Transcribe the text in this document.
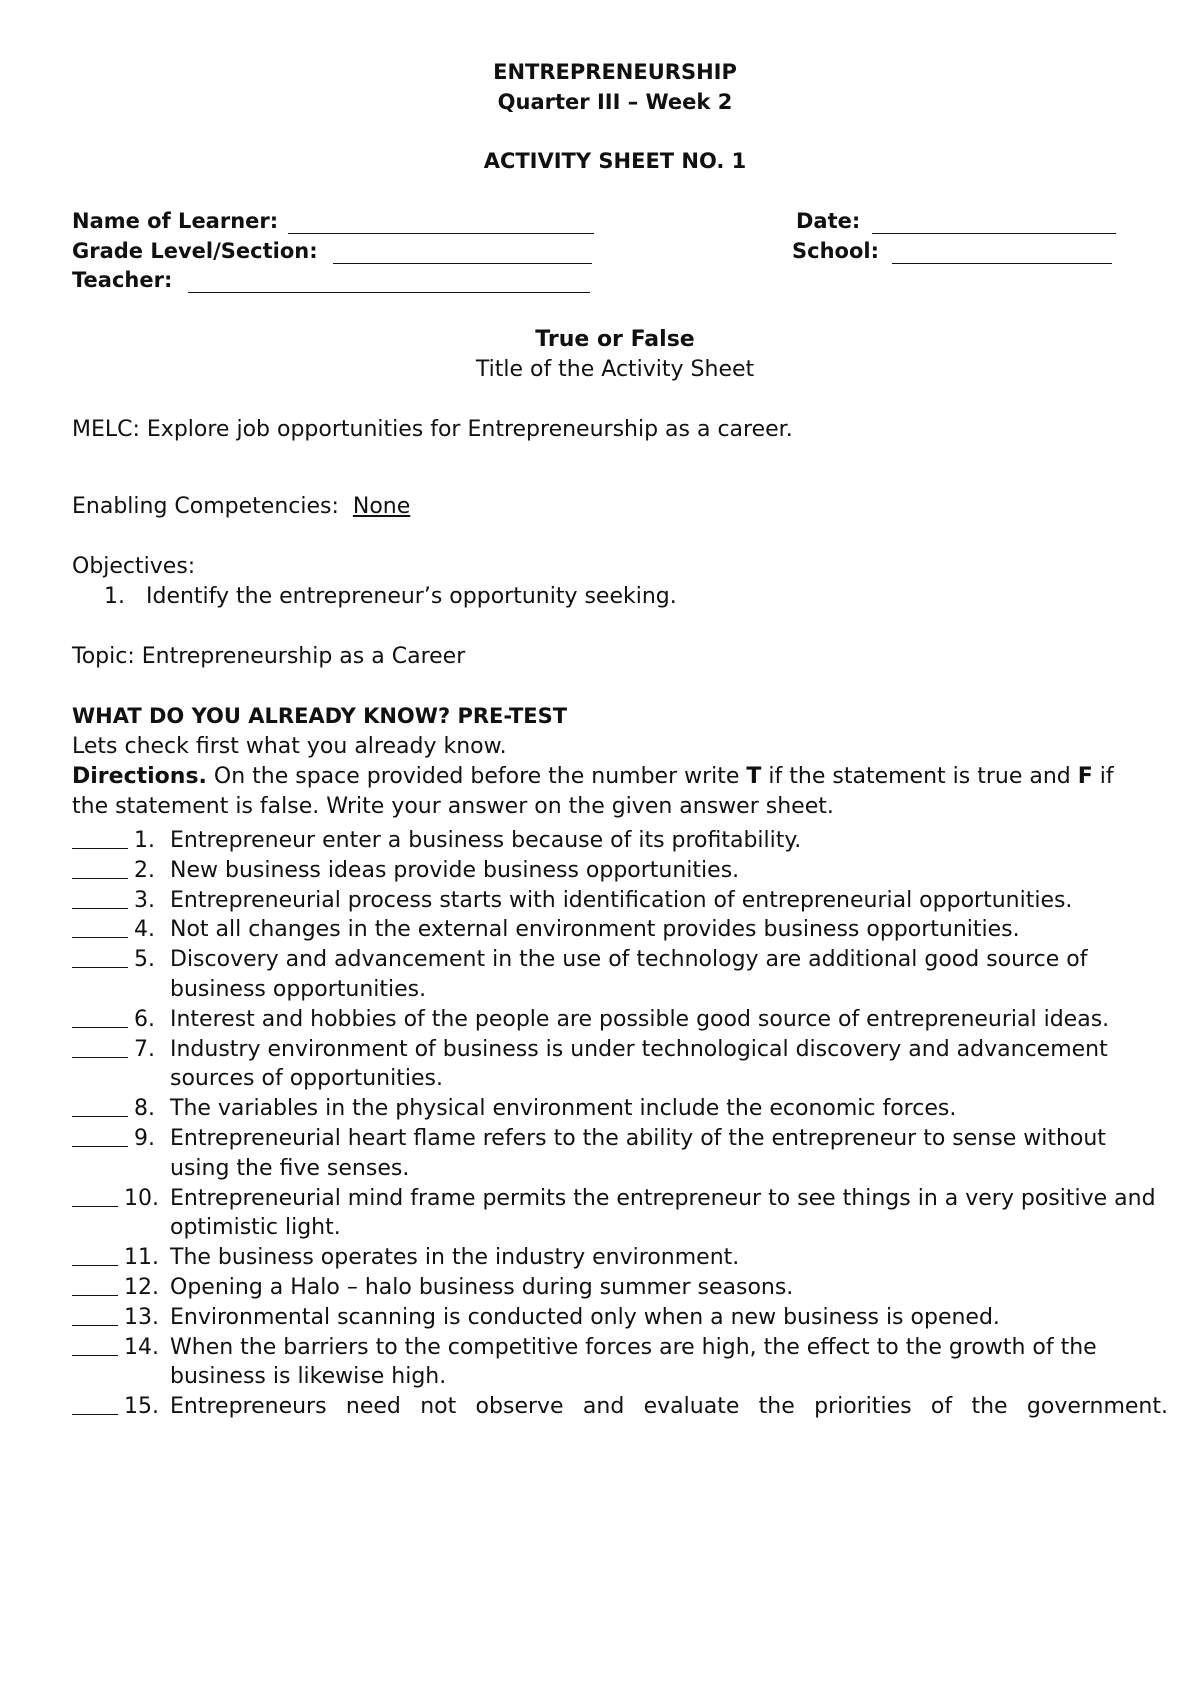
ENTREPRENEURSHIP
Quarter III – Week 2
ACTIVITY SHEET NO. 1
Name of Learner:	Date:
Grade Level/Section:	School:
Teacher:
True or False
Title of the Activity Sheet
MELC: Explore job opportunities for Entrepreneurship as a career.
Enabling Competencies: None
Objectives:
1. Identify the entrepreneur’s opportunity seeking.
Topic: Entrepreneurship as a Career
WHAT DO YOU ALREADY KNOW? PRE-TEST
Lets check first what you already know.
Directions. On the space provided before the number write T if the statement is true and F if
the statement is false. Write your answer on the given answer sheet.
1. Entrepreneur enter a business because of its profitability.
2. New business ideas provide business opportunities.
3. Entrepreneurial process starts with identification of entrepreneurial opportunities.
4. Not all changes in the external environment provides business opportunities.
5. Discovery and advancement in the use of technology are additional good source of business opportunities.
6. Interest and hobbies of the people are possible good source of entrepreneurial ideas.
7. Industry environment of business is under technological discovery and advancement sources of opportunities.
8. The variables in the physical environment include the economic forces.
9. Entrepreneurial heart flame refers to the ability of the entrepreneur to sense without using the five senses.
10. Entrepreneurial mind frame permits the entrepreneur to see things in a very positive and optimistic light.
11. The business operates in the industry environment.
12. Opening a Halo – halo business during summer seasons.
13. Environmental scanning is conducted only when a new business is opened.
14. When the barriers to the competitive forces are high, the effect to the growth of the business is likewise high.
15. Entrepreneurs need not observe and evaluate the priorities of the government.
